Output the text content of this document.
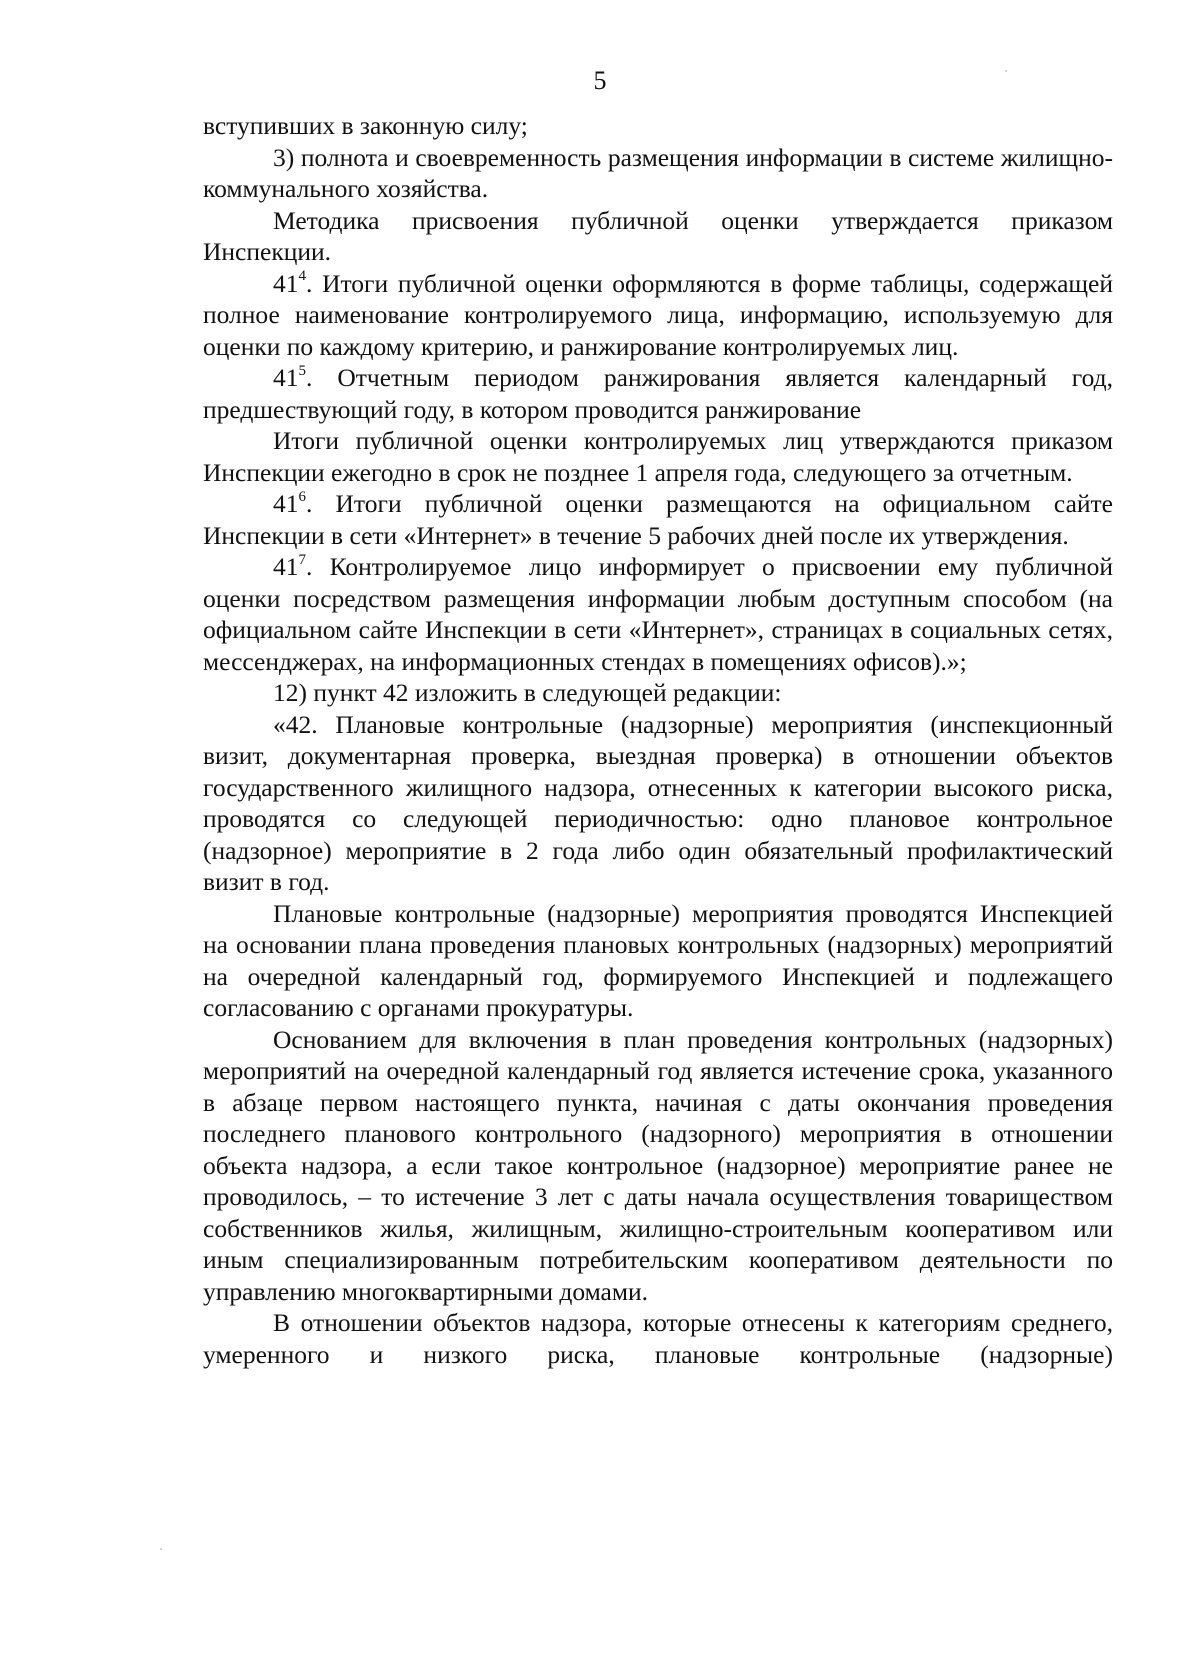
5

вступивших в законную силу;

3) полнота и своевременность размещения информации в системе жилищно-коммунального хозяйства.

Методика присвоения публичной оценки утверждается приказом Инспекции.

$41^4$. Итоги публичной оценки оформляются в форме таблицы, содержащей полное наименование контролируемого лица, информацию, используемую для оценки по каждому критерию, и ранжирование контролируемых лиц.

$41^5$. Отчетным периодом ранжирования является календарный год, предшествующий году, в котором проводится ранжирование

Итоги публичной оценки контролируемых лиц утверждаются приказом Инспекции ежегодно в срок не позднее 1 апреля года, следующего за отчетным.

$41^6$. Итоги публичной оценки размещаются на официальном сайте Инспекции в сети «Интернет» в течение 5 рабочих дней после их утверждения.

$41^7$. Контролируемое лицо информирует о присвоении ему публичной оценки посредством размещения информации любым доступным способом (на официальном сайте Инспекции в сети «Интернет», страницах в социальных сетях, мессенджерах, на информационных стендах в помещениях офисов).»;

12) пункт 42 изложить в следующей редакции:

«42. Плановые контрольные (надзорные) мероприятия (инспекционный визит, документарная проверка, выездная проверка) в отношении объектов государственного жилищного надзора, отнесенных к категории высокого риска, проводятся со следующей периодичностью: одно плановое контрольное (надзорное) мероприятие в 2 года либо один обязательный профилактический визит в год.

Плановые контрольные (надзорные) мероприятия проводятся Инспекцией на основании плана проведения плановых контрольных (надзорных) мероприятий на очередной календарный год, формируемого Инспекцией и подлежащего согласованию с органами прокуратуры.

Основанием для включения в план проведения контрольных (надзорных) мероприятий на очередной календарный год является истечение срока, указанного в абзаце первом настоящего пункта, начиная с даты окончания проведения последнего планового контрольного (надзорного) мероприятия в отношении объекта надзора, а если такое контрольное (надзорное) мероприятие ранее не проводилось, – то истечение 3 лет с даты начала осуществления товариществом собственников жилья, жилищным, жилищно-строительным кооперативом или иным специализированным потребительским кооперативом деятельности по управлению многоквартирными домами.

В отношении объектов надзора, которые отнесены к категориям среднего, умеренного и низкого риска, плановые контрольные (надзорные)
